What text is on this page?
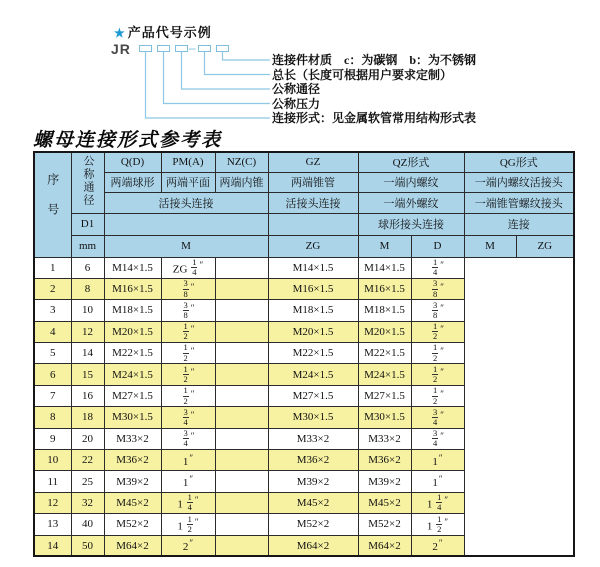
★ 产品代号示例
JR	–
连接件材质　c：为碳钢　b：为不锈钢
总长（长度可根据用户要求定制）
公称通径
公称压力
连接形式：见金属软管常用结构形式表
螺母连接形式参考表
序号	公称通径	Q(D)	PM(A)	NZ(C)	GZ	QZ形式		QG形式	
		两端球形	两端平面	两端内锥	两端锥管	一端内螺纹		一端内螺纹活接头	
		活接头连接			活接头连接	一端外螺纹		一端锥管螺纹接头	
	D1					球形接头连接		连接	
	mm	M			ZG	M	D	M	ZG
1	6	M14×1.5	ZG $\frac{1}{4} ''$		M14×1.5	M14×1.5	$\frac{1}{4} ''$
2	8	M16×1.5	$\frac{3}{8} ''$		M16×1.5	M16×1.5	$\frac{3}{8} ''$
3	10	M18×1.5	$\frac{3}{8} ''$		M18×1.5	M18×1.5	$\frac{3}{8} ''$
4	12	M20×1.5	$\frac{1}{2} ''$		M20×1.5	M20×1.5	$\frac{1}{2} ''$
5	14	M22×1.5	$\frac{1}{2} ''$		M22×1.5	M22×1.5	$\frac{1}{2} ''$
6	15	M24×1.5	$\frac{1}{2} ''$		M24×1.5	M24×1.5	$\frac{1}{2} ''$
7	16	M27×1.5	$\frac{1}{2} ''$		M27×1.5	M27×1.5	$\frac{1}{2} ''$
8	18	M30×1.5	$\frac{3}{4} ''$		M30×1.5	M30×1.5	$\frac{3}{4} ''$
9	20	M33×2	$\frac{3}{4} ''$		M33×2	M33×2	$\frac{3}{4} ''$
10	22	M36×2	1″		M36×2	M36×2	1″
11	25	M39×2	1″		M39×2	M39×2	1″
12	32	M45×2	$1 \frac{1}{4} ''$		M45×2	M45×2	$1 \frac{1}{4} ''$
13	40	M52×2	$1 \frac{1}{2} ''$		M52×2	M52×2	$1 \frac{1}{2} ''$
14	50	M64×2	2″		M64×2	M64×2	2″
